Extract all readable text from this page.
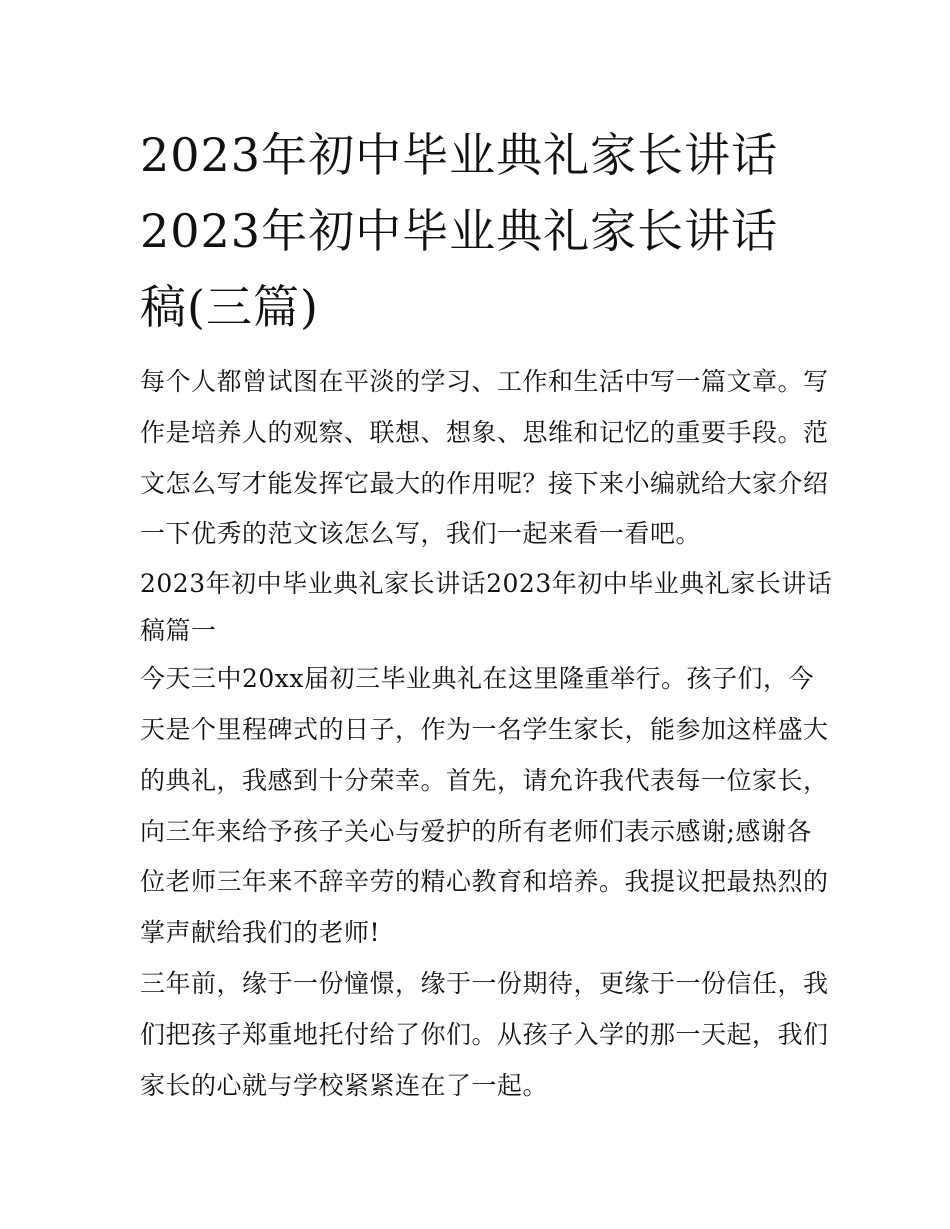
2023年初中毕业典礼家长讲话
2023年初中毕业典礼家长讲话
稿(三篇)

每个人都曾试图在平淡的学习、工作和生活中写一篇文章。写
作是培养人的观察、联想、想象、思维和记忆的重要手段。范
文怎么写才能发挥它最大的作用呢？接下来小编就给大家介绍
一下优秀的范文该怎么写，我们一起来看一看吧。

2023年初中毕业典礼家长讲话2023年初中毕业典礼家长讲话
稿篇一

今天三中20xx届初三毕业典礼在这里隆重举行。孩子们，今
天是个里程碑式的日子，作为一名学生家长，能参加这样盛大
的典礼，我感到十分荣幸。首先，请允许我代表每一位家长，
向三年来给予孩子关心与爱护的所有老师们表示感谢;感谢各
位老师三年来不辞辛劳的精心教育和培养。我提议把最热烈的
掌声献给我们的老师!

三年前，缘于一份憧憬，缘于一份期待，更缘于一份信任，我
们把孩子郑重地托付给了你们。从孩子入学的那一天起，我们
家长的心就与学校紧紧连在了一起。
